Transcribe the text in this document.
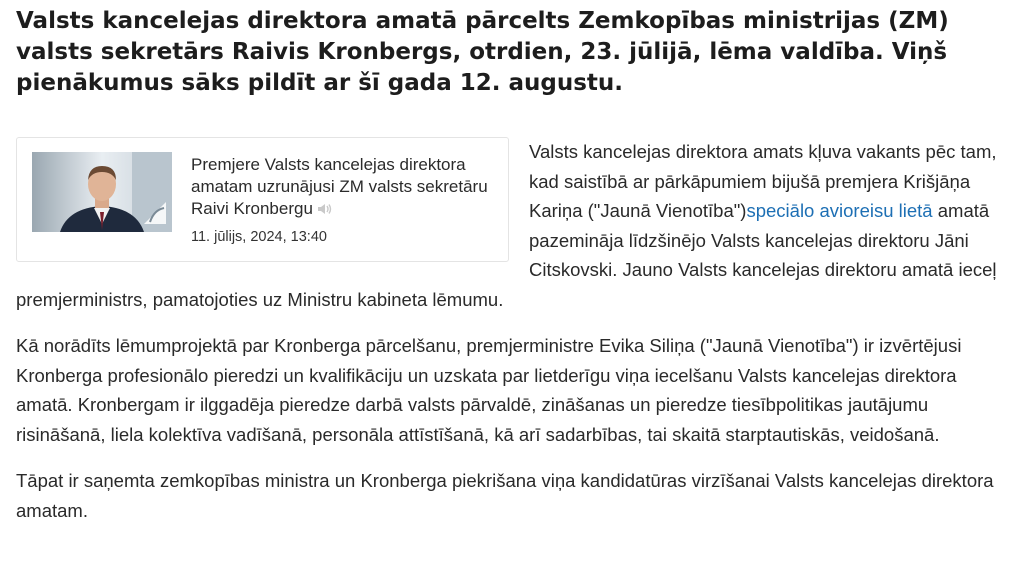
Valsts kancelejas direktora amatā pārcelts Zemkopības ministrijas (ZM) valsts sekretārs Raivis Kronbergs, otrdien, 23. jūlijā, lēma valdība. Viņš pienākumus sāks pildīt ar šī gada 12. augustu.

Premjere Valsts kancelejas direktora amatam uzrunājusi ZM valsts sekretāru Raivi Kronbergu
11. jūlijs, 2024, 13:40
Valsts kancelejas direktora amats kļuva vakants pēc tam, kad saistībā ar pārkāpumiem bijušā premjera Krišjāņa Kariņa ("Jaunā Vienotība")speciālo avioreisu lietā amatā pazemināja līdzšinējo Valsts kancelejas direktoru Jāni Citskovski. Jauno Valsts kancelejas direktoru amatā ieceļ premjerministrs, pamatojoties uz Ministru kabineta lēmumu.

Kā norādīts lēmumprojektā par Kronberga pārcelšanu, premjerministre Evika Siliņa ("Jaunā Vienotība") ir izvērtējusi Kronberga profesionālo pieredzi un kvalifikāciju un uzskata par lietderīgu viņa iecelšanu Valsts kancelejas direktora amatā. Kronbergam ir ilggadēja pieredze darbā valsts pārvaldē, zināšanas un pieredze tiesībpolitikas jautājumu risināšanā, liela kolektīva vadīšanā, personāla attīstīšanā, kā arī sadarbības, tai skaitā starptautiskās, veidošanā.

Tāpat ir saņemta zemkopības ministra un Kronberga piekrišana viņa kandidatūras virzīšanai Valsts kancelejas direktora amatam.
